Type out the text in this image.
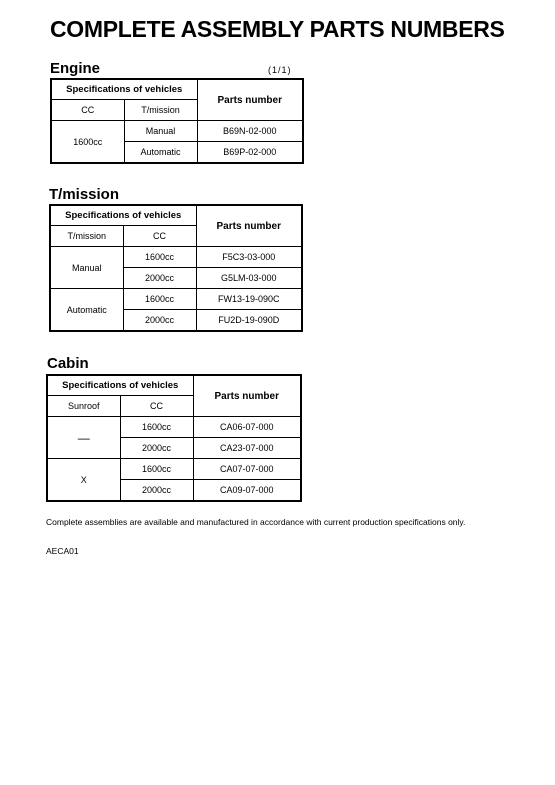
COMPLETE ASSEMBLY PARTS NUMBERS
Engine	(1/1)
Specifications of vehicles		Parts number
CC	T/mission	
1600cc	Manual	B69N-02-000
	Automatic	B69P-02-000
T/mission
Specifications of vehicles		Parts number
T/mission	CC	
Manual	1600cc	F5C3-03-000
	2000cc	G5LM-03-000
Automatic	1600cc	FW13-19-090C
	2000cc	FU2D-19-090D
Cabin
Specifications of vehicles		Parts number
Sunroof	CC	
—	1600cc	CA06-07-000
	2000cc	CA23-07-000
X	1600cc	CA07-07-000
	2000cc	CA09-07-000
Complete assemblies are available and manufactured in accordance with current production specifications only.
AECA01
